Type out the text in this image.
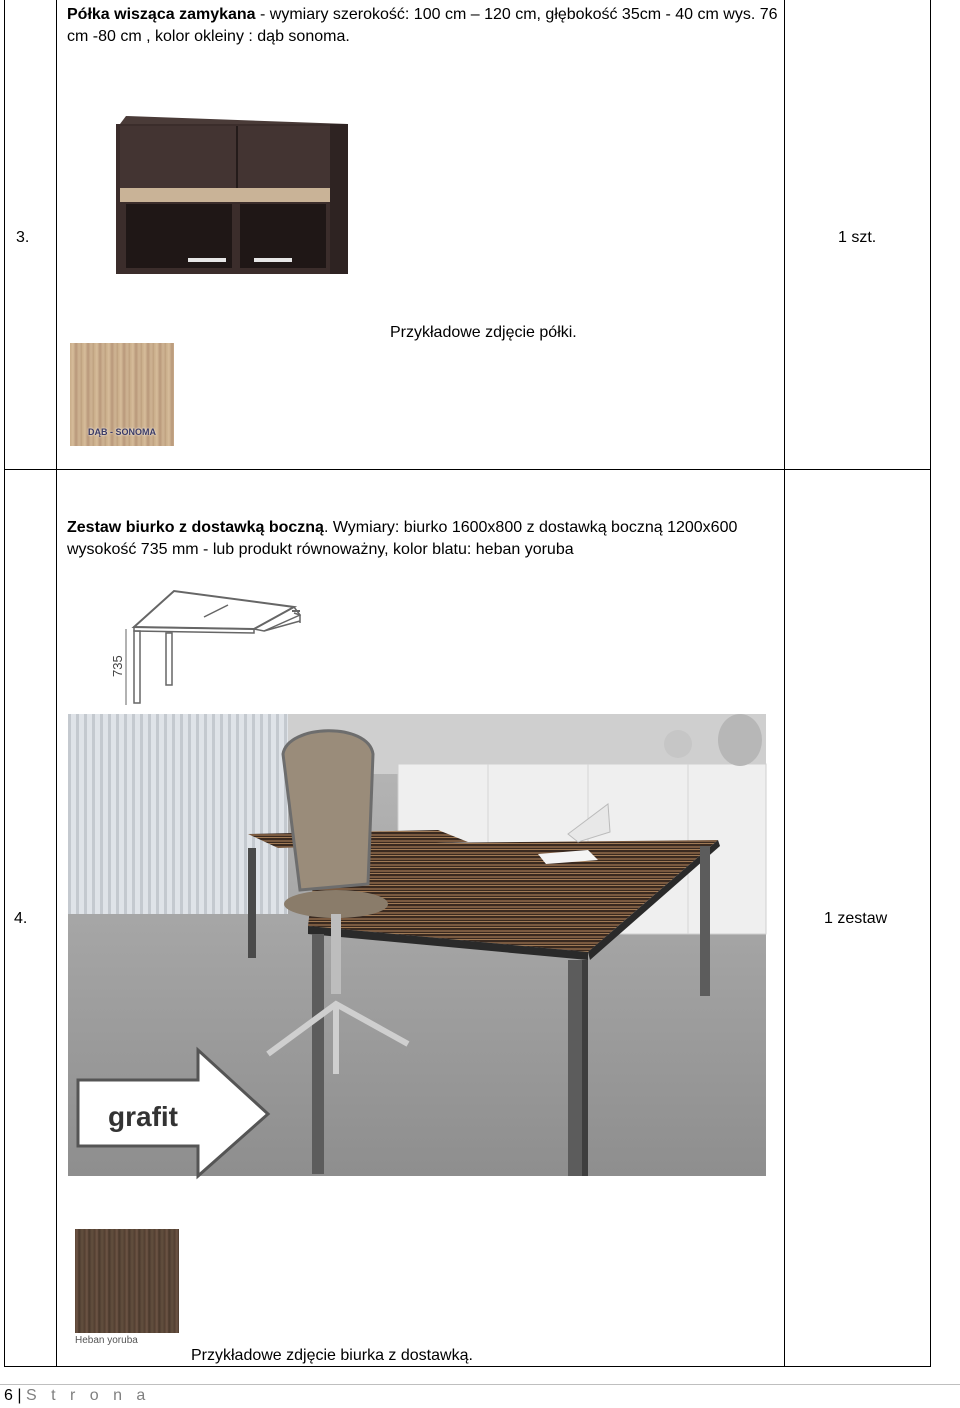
Półka wisząca zamykana - wymiary szerokość: 100 cm – 120 cm, głębokość 35cm - 40 cm wys. 76 cm -80 cm , kolor okleiny : dąb sonoma.
3.	1 szt.
Przykładowe zdjęcie półki.
DĄB - SONOMA
Zestaw biurko z dostawką boczną. Wymiary: biurko 1600x800 z dostawką boczną 1200x600 wysokość 735 mm - lub produkt równoważny, kolor blatu: heban yoruba
735
grafit
4.	1 zestaw
Heban yoruba
Przykładowe zdjęcie biurka z dostawką.
6 | S t r o n a
